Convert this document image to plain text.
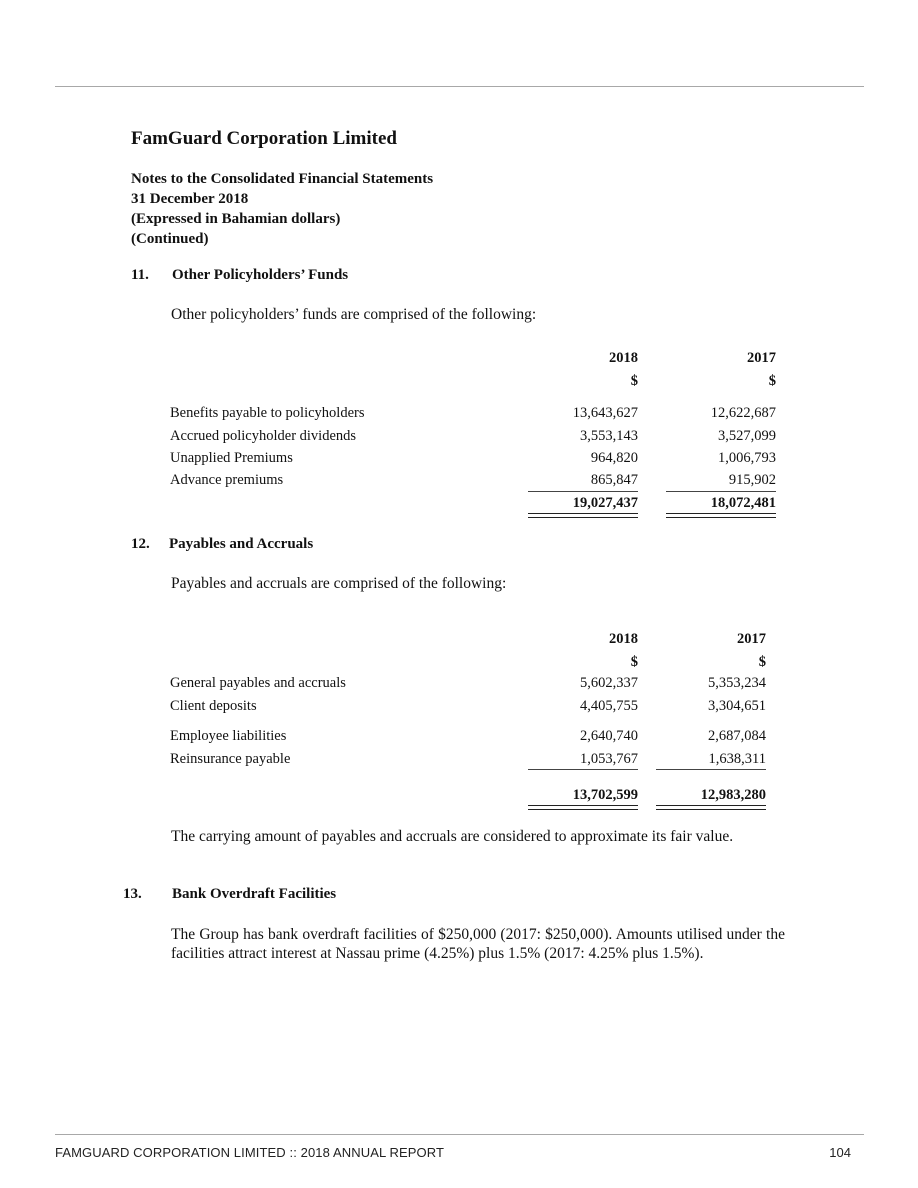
FamGuard Corporation Limited
Notes to the Consolidated Financial Statements
31 December 2018
(Expressed in Bahamian dollars)
(Continued)
11. Other Policyholders’ Funds
Other policyholders’ funds are comprised of the following:
2018	2017
$	$
Benefits payable to policyholders	13,643,627	12,622,687
Accrued policyholder dividends	3,553,143	3,527,099
Unapplied Premiums	964,820	1,006,793
Advance premiums	865,847	915,902
19,027,437	18,072,481
12. Payables and Accruals
Payables and accruals are comprised of the following:
2018	2017
$	$
General payables and accruals	5,602,337	5,353,234
Client deposits	4,405,755	3,304,651
Employee liabilities	2,640,740	2,687,084
Reinsurance payable	1,053,767	1,638,311
13,702,599	12,983,280
The carrying amount of payables and accruals are considered to approximate its fair value.
13. Bank Overdraft Facilities
The Group has bank overdraft facilities of $250,000 (2017: $250,000). Amounts utilised under the facilities attract interest at Nassau prime (4.25%) plus 1.5% (2017: 4.25% plus 1.5%).
FAMGUARD CORPORATION LIMITED :: 2018 ANNUAL REPORT	104
